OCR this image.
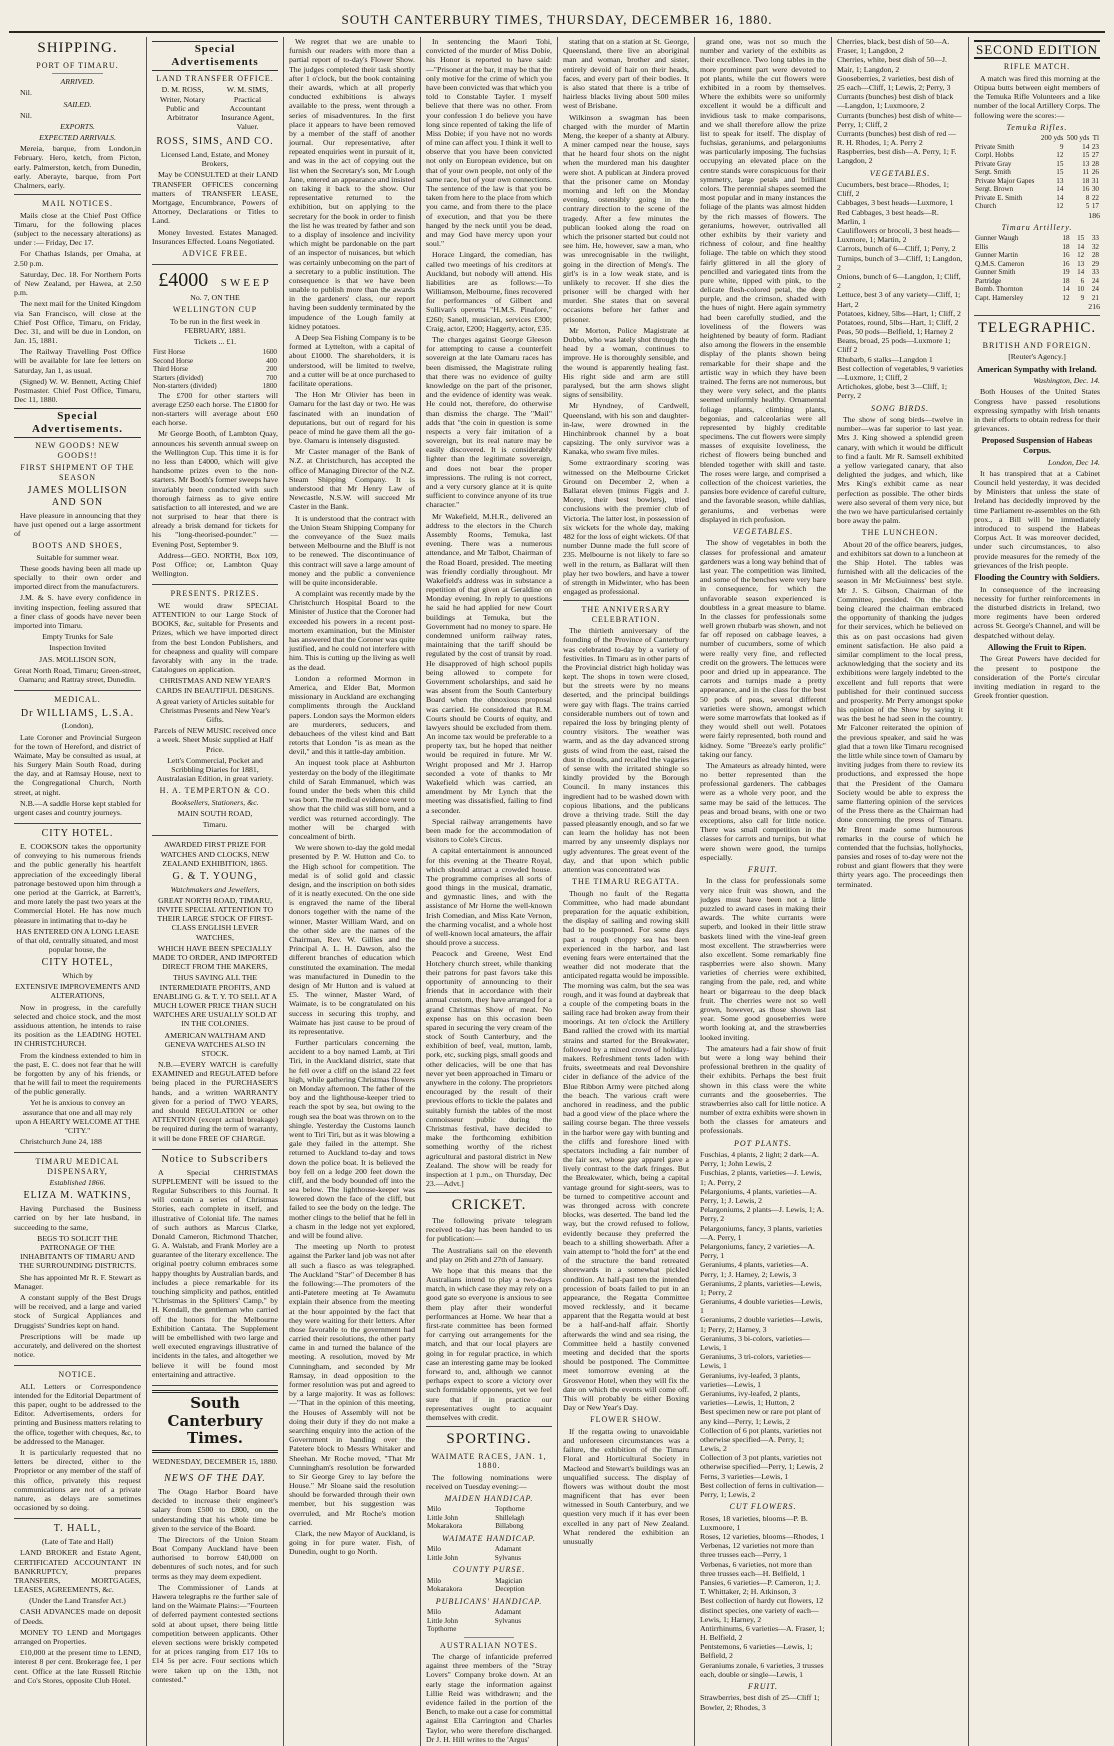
SOUTH CANTERBURY TIMES, THURSDAY, DECEMBER 16, 1880.
SHIPPING.
PORT OF TIMARU.

ARRIVED.

Nil.

SAILED.

Nil.

EXPORTS.

EXPECTED ARRIVALS.

Mereia, barque, from London,in February. Hero, ketch, from Picton, early. Palmerston, ketch, from Dunedin, early. Aberayte, barque, from Port Chalmers, early.

MAIL NOTICES.

Mails close at the Chief Post Office Timaru, for the following places (subject to the necessary alterations) as under :— Friday, Dec 17.

For Chathas Islands, per Omaha, at 2.50 p.m.

Saturday, Dec. 18. For Northern Ports of New Zealand, per Hawea, at 2.50 p.m.

The next mail for the United Kingdom via San Francisco, will close at the Chief Post Office, Timaru, on Friday, Dec. 31, and will be due in London, on Jan. 15, 1881.

The Railway Travelling Post Office will be available for late fee letters on Saturday, Jan 1, as usual.

(Signed) W. W. Bennett, Acting Chief Postmaster. Chief Post Office, Timaru, Dec 11, 1880.

Special Advertisements.
NEW GOODS! NEW GOODS!!
FIRST SHIPMENT OF THE SEASON
JAMES MOLLISON AND SON

Have pleasure in announcing that they have just opened out a large assortment of

BOOTS AND SHOES,

Suitable for summer wear.

These goods having been all made up specially to their own order and imported direct from the manufacturers.

J.M. & S. have every confidence in inviting inspection, feeling assured that a finer class of goods have never been imported into Timaru.

Empty Trunks for Sale

Inspection Invited

JAS. MOLLISON SON,

Great North Road, Timaru; Green-street, Oamaru; and Rattray street, Dunedin.

MEDICAL.
Dr WILLIAMS, L.S.A.

(London),

Late Coroner and Provincial Surgeon for the town of Hereford, and district of Waimate, May be consulted as usual, at his Surgery Main South Road, during the day, and at Ramsay House, next to the Congregational Church, North street, at night.

N.B.—A saddle Horse kept stabled for urgent cases and country journeys.

CITY HOTEL.

E. COOKSON takes the opportunity of conveying to his numerous friends and the public generally his heartfelt appreciation of the exceedingly liberal patronage bestowed upon him through a one period at the Garrick, at Barrett's, and more lately the past two years at the Commercial Hotel. He has now much pleasure in intimating that to-day he

HAS ENTERED ON A LONG LEASE of that old, centrally situated, and most popular house, the

CITY HOTEL,

Which by

EXTENSIVE IMPROVEMENTS AND ALTERATIONS,

Now in progress, in the carefully selected and choice stock, and the most assiduous attention, he intends to raise its position as the LEADING HOTEL IN CHRISTCHURCH.

From the kindness extended to him in the past, E. C. does not fear that he will be forgotten by any of his friends, or that he will fail to meet the requirements of the public generally.

Yet he is anxious to convey an assurance that one and all may rely upon A HEARTY WELCOME AT THE "CITY."

Christchurch June 24, 188

TIMARU MEDICAL DISPENSARY,

Established 1866.

ELIZA M. WATKINS,

Having Purchased the Business carried on by her late husband, in succeeding to the same,

BEGS TO SOLICIT THE PATRONAGE OF THE INHABITANTS OF TIMARU AND THE SURROUNDING DISTRICTS.

She has appointed Mr R. F. Stewart as Manager.

A constant supply of the Best Drugs will be received, and a large and varied stock of Surgical Appliances and Druggists' Sundries kept on hand.

Prescriptions will be made up accurately, and delivered on the shortest notice.

NOTICE.

ALL Letters or Correspondence intended for the Editorial Department of this paper, ought to be addressed to the Editor. Advertisements, orders for printing and Business matters relating to the office, together with cheques, &c, to be addressed to the Manager.

It is particularly requested that no letters be directed, either to the Proprietor or any member of the staff of this office, privately this request communications are not of a private nature, as delays are sometimes occasioned by so doing.

T. HALL,

(Late of Tate and Hall)

LAND BROKER and Estate Agent, CERTIFICATED ACCOUNTANT IN BANKRUPTCY, prepares TRANSFERS, MORTGAGES, LEASES, AGREEMENTS, &c.

(Under the Land Transfer Act.)

CASH ADVANCES made on deposit of Deeds.

MONEY TO LEND and Mortgages arranged on Properties.

£10,000 at the present time to LEND, interest 8 per cent. Brokerage fee, 1 per cent. Office at the late Russell Ritchie and Co's Stores, opposite Club Hotel.

Special Advertisements
LAND TRANSFER OFFICE.

D. M. ROSS, Writer, Notary Public and Arbitrator

W. M. SIMS, Practical Accountant Insurance Agent, Valuer.

ROSS, SIMS, AND CO.

Licensed Land, Estate, and Money Brokers,

May be CONSULTED at their LAND TRANSFER OFFICES concerning matters of TRANSFER LEASE, Mortgage, Encumbrance, Powers of Attorney, Declarations or Titles to Land.

Money Invested. Estates Managed. Insurances Effected. Loans Negotiated.

ADVICE FREE.
£4000 SWEEP

No. 7, ON THE

WELLINGTON CUP

To be run in the first week in FEBRUARY, 1881.

Tickets ... £1.

First Horse	1600
Second Horse	400
Third Horse	200
Starters (divided)	700
Non-starters (divided)	1800

The £700 for other starters will average £250 each horse. The £1800 for non-starters will average about £60 each horse.

Mr George Booth, of Lambton Quay, announces his seventh annual sweep on the Wellington Cup. This time it is for no less than £4000, which will give handsome prizes even to the non-starters. Mr Booth's former sweeps have invariably been conducted with such thorough fairness as to give entire satisfaction to all interested, and we are not surprised to hear that there is already a brisk demand for tickets for his "long-theorised-pounder." — Evening Post, September 9.

Address—GEO. NORTH, Box 109, Post Office; or, Lambton Quay Wellington.

PRESENTS. PRIZES.

WE would draw SPECIAL ATTENTION to our Large Stock of BOOKS, &c, suitable for Presents and Prizes, which we have imported direct from the best London Publishers, and for cheapness and quality will compare favorably with any in the trade. Catalogues on application.

CHRISTMAS AND NEW YEAR'S CARDS IN BEAUTIFUL DESIGNS.

A great variety of Articles suitable for Christmas Presents and New Year's Gifts.

Parcels of NEW MUSIC received once a week. Sheet Music supplied at Half Price.

Lett's Commercial, Pocket and Scribbling Diaries for 1881, Australasian Edition, in great variety.

H. A. TEMPERTON & CO.

Booksellers, Stationers, &c.

MAIN SOUTH ROAD,

Timaru.

AWARDED FIRST PRIZE FOR WATCHES AND CLOCKS, NEW ZEALAND EXHIBITION, 1865.

G. & T. YOUNG,

Watchmakers and Jewellers,

GREAT NORTH ROAD, TIMARU, INVITE SPECIAL ATTENTION TO THEIR LARGE STOCK OF FIRST-CLASS ENGLISH LEVER WATCHES,

WHICH HAVE BEEN SPECIALLY MADE TO ORDER, AND IMPORTED DIRECT FROM THE MAKERS,

THUS SAVING ALL THE INTERMEDIATE PROFITS, AND ENABLING G. & T. Y. TO SELL AT A MUCH LOWER PRICE THAN SUCH WATCHES ARE USUALLY SOLD AT IN THE COLONIES.

AMERICAN WALTHAM AND GENEVA WATCHES ALSO IN STOCK.

N.B.—EVERY WATCH is carefully EXAMINED and REGULATED before being placed in the PURCHASER'S hands, and a written WARRANTY given for a period of TWO YEARS, and should REGULATION or other ATTENTION (except actual breakage) be required during the term of warranty, it will be done FREE OF CHARGE.

Notice to Subscribers

A Special CHRISTMAS SUPPLEMENT will be issued to the Regular Subscribers to this Journal. It will contain a series of Christmas Stories, each complete in itself, and illustrative of Colonial life. The names of such authors as Marcus Clarke, Donald Cameron, Richmond Thatcher, G. A. Walstab, and Frank Morley are a guarantee of the literary excellence. The original poetry column embraces some happy thoughts by Australian bards, and includes a piece remarkable for its touching simplicity and pathos, entitled "Christmas in the Splitters' Camp," by H. Kendall, the gentleman who carried off the honors for the Melbourne Exhibition Cantata. The Supplement will be embellished with two large and well executed engravings illustrative of incidents in the tales, and altogether we believe it will be found most entertaining and attractive.

South Canterbury Times.

WEDNESDAY, DECEMBER 15, 1880.

NEWS OF THE DAY.

The Otago Harbor Board have decided to increase their engineer's salary from £500 to £800, on the understanding that his whole time be given to the service of the Board.

The Directors of the Union Steam Boat Company Auckland have been authorised to borrow £40,000 on debentures of such notes, and for such terms as they may deem expedient.

The Commissioner of Lands at Hawera telegraphs re the further sale of land on the Waimate Plains:—"Fourteen of deferred payment contested sections sold at about upset, there being little competition between applicants. Other eleven sections were briskly competed for at prices ranging from £17 10s to £14 5s per acre. Four sections which were taken up on the 13th, not contested."

We regret that we are unable to furnish our readers with more than a partial report of to-day's Flower Show. The judges completed their task shortly after 1 o'clock, but the book containing their awards, which at all properly conducted exhibitions is always available to the press, went through a series of misadventures. In the first place it appears to have been removed by a member of the staff of another journal. Our representative, after repeated enquiries went in pursuit of it, and was in the act of copying out the list when the Secretary's son, Mr Lough Jane, entered an appearance and insisted on taking it back to the show. Our representative returned to the exhibition, but on applying to the secretary for the book in order to finish the list he was treated by father and son to a display of insolence and incivility which might be pardonable on the part of an inspector of nuisances, but which was certainly unbecoming on the part of a secretary to a public institution. The consequence is that we have been unable to publish more than the awards in the gardeners' class, our report having been suddenly terminated by the impudence of the Lough family at kidney potatoes.

A Deep Sea Fishing Company is to be formed at Lyttelton, with a capital of about £1000. The shareholders, it is understood, will be limited to twelve, and a cutter will be at once purchased to facilitate operations.

The Hon Mr Olivier has been in Oamaru for the last day or two. He was fascinated with an inundation of deputations, but out of regard for his peace of mind he gave them all the go-bye. Oamaru is intensely disgusted.

Mr Caster manager of the Bank of N.Z. at Christchurch, has accepted the office of Managing Director of the N.Z. Steam Shipping Company. It is understood that Mr Henry Law of Newcastle, N.S.W. will succeed Mr Caster in the Bank.

It is understood that the contract with the Union Steam Shipping Company for the conveyance of the Suez mails between Melbourne and the Bluff is not to be renewed. The discontinuance of this contract will save a large amount of money and the public a convenience will be quite inconsiderable.

A complaint was recently made by the Christchurch Hospital Board to the Minister of Justice that the Coroner had exceeded his powers in a recent post-mortem examination, but the Minister has answered that the Coroner was quite justified, and he could not interfere with him. This is cutting up the living as well as the dead.

London a reformed Mormon in America, and Elder Bat, Mormon missionary in Auckland are exchanging compliments through the Auckland papers. London says the Mormon elders are murderers, seducers, and debauchees of the vilest kind and Batt retorts that London "is as mean as the devil," and this it tattle-day ambition.

An inquest took place at Ashburton yesterday on the body of the illegitimate child of Sarah Emmanuel, which was found under the beds when this child was born. The medical evidence went to show that the child was still born, and a verdict was returned accordingly. The mother will be charged with concealment of birth.

We were shown to-day the gold medal presented by P. W. Hutton and Co. to the High school for competition. The medal is of solid gold and classic design, and the inscription on both sides of it is neatly executed. On the one side is engraved the name of the liberal donors together with the name of the winner, Master William Ward, and on the other side are the names of the Chairman, Rev. W. Gillies and the Principal A. L. H. Dawson, also the different branches of education which constituted the examination. The medal was manufactured in Dunedin to the design of Mr Hutton and is valued at £5. The winner, Master Ward, of Waimate, is to be congratulated on his success in securing this trophy, and Waimate has just cause to be proud of its representative.

Further particulars concerning the accident to a boy named Lamb, at Tiri Tiri, in the Auckland district, state that he fell over a cliff on the island 22 feet high, while gathering Christmas flowers on Monday afternoon. The father of the boy and the lighthouse-keeper tried to reach the spot by sea, but owing to the rough sea the boat was thrown on to the shingle. Yesterday the Customs launch went to Tiri Tiri, but as it was blowing a gale they failed in the attempt. She returned to Auckland to-day and tows down the police boat. It is believed the boy fell on a ledge 200 feet down the cliff, and the body bounded off into the sea below. The lighthouse-keeper was lowered down the face of the cliff, but failed to see the body on the ledge. The mother clings to the belief that he fell in a chasm in the ledge not yet explored, and will be found alive.

The meeting up North to protest against the Parker land job was not after all such a fiasco as was telegraphed. The Auckland "Star" of December 8 has the following:—The promoters of the anti-Patetere meeting at Te Awamutu explain their absence from the meeting at the hour appointed by the fact that they were waiting for their letters. After those favorable to the government had carried their resolutions, the other party came in and turned the balance of the meeting. A resolution, moved by Mr Cunningham, and seconded by Mr Ramsay, in dead opposition to the former resolution was put and agreed to by a large majority. It was as follows:—"That in the opinion of this meeting, the Houses of Assembly will not be doing their duty if they do not make a searching enquiry into the action of the Government in handing over the Patetere block to Messrs Whitaker and Sheehan. Mr Roche moved, "That Mr Cunningham's resolution be forwarded to Sir George Grey to lay before the House." Mr Sloane said the resolution should be forwarded through their own member, but his suggestion was overruled, and Mr Roche's motion carried.

Clark, the new Mayor of Auckland, is going in for pure water. Fish, of Dunedin, ought to go North.

In sentencing the Maori Tohi, convicted of the murder of Miss Dobie, his Honor is reported to have said:—"Prisoner at the bar, it may be that the only motive for the crime of which you have been convicted was that which you told to Constable Tayler. I myself believe that there was no other. From your confession I do believe you have long since repented of taking the life of Miss Dobie; if you have not no words of mine can affect you. I think it well to observe that you have been convicted not only on European evidence, but on that of your own people, not only of the same race, but of your own connections. The sentence of the law is that you be taken from here to the place from which you came, and from there to the place of execution, and that you be there hanged by the neck until you be dead, and may God have mercy upon your soul."

Horace Lingard, the comedian, has called two meetings of his creditors at Auckland, but nobody will attend. His liabilities are as follows:—To Williamson, Melbourne, fines recovered for performances of Gilbert and Sullivan's operetta "H.M.S. Pinafore," £260; Sanell, musician, services £300; Craig, actor, £200; Haggerty, actor, £35.

The charges against George Gleeson for attempting to cause a counterfeit sovereign at the late Oamaru races has been dismissed, the Magistrate ruling that there was no evidence of guilty knowledge on the part of the prisoner, and the evidence of identity was weak. He could not, therefore, do otherwise than dismiss the charge. The "Mail" adds that "the coin in question is some respects a very fair imitation of a sovereign, but its real nature may be easily discovered. It is considerably lighter than the legitimate sovereign, and does not bear the proper impressions. The ruling is not correct, and a very cursory glance at it is quite sufficient to convince anyone of its true character."

Mr Wakefield, M.H.R., delivered an address to the electors in the Church Assembly Rooms, Temuka, last evening. There was a numerous attendance, and Mr Talbot, Chairman of the Road Board, presided. The meeting was friendly cordially throughout. Mr Wakefield's address was in substance a repetition of that given at Geraldine on Monday evening. In reply to questions he said he had applied for new Court buildings at Temuka, but the Government had no money to spare. He condemned uniform railway rates, maintaining that the tariff should be regulated by the cost of transit by road. He disapproved of high school pupils being allowed to compete for Government scholarships, and said he was absent from the South Canterbury Board when the obnoxious proposal was carried. He considered that R.M. Courts should be Courts of equity, and lawyers should be excluded from them. An income tax would be preferable to a property tax, but he hoped that neither would be required in future. Mr W. Wright proposed and Mr J. Harrop seconded a vote of thanks to Mr Wakefield which was carried, an amendment by Mr Lynch that the meeting was dissatisfied, failing to find a seconder.

Special railway arrangements have been made for the accommodation of visitors to Cole's Circus.

A capital entertainment is announced for this evening at the Theatre Royal, which should attract a crowded house. The programme comprises all sorts of good things in the musical, dramatic, and gymnastic lines, and with the assistance of Mr Horne the well-known Irish Comedian, and Miss Kate Vernon, the charming vocalist, and a whole host of well-known local amateurs, the affair should prove a success.

Peacock and Greene, West End Hotchery church street, while thanking their patrons for past favors take this opportunity of announcing to their friends that in accordance with their annual custom, they have arranged for a grand Christmas Show of meat. No expense has on this occasion been spared in securing the very cream of the stock of South Canterbury, and the exhibition of beef, veal, mutton, lamb, pork, etc, sucking pigs, small goods and other delicacies, will be one that has never yet been approached in Timaru or anywhere in the colony. The proprietors encouraged by the result of their previous efforts to tickle the palates and suitably furnish the tables of the most connoisseur public during the Christmas festival, have decided to make the forthcoming exhibition something worthy of the richest agricultural and pastoral district in New Zealand. The show will be ready for inspection at 1 p.m., on Thursday, Dec 23.—Advt.]

CRICKET.

The following private telegram received to-day has been handed to us for publication:—

The Australians sail on the eleventh and play on 26th and 27th of January.

We hope that this means that the Australians intend to play a two-days match, in which case they may rely on a good gate so everyone is anxious to see them play after their wonderful performances at Home. We hear that a first-rate committee has been formed for carrying out arrangements for the match, and that our local players are going in for regular practice, in which case an interesting game may be looked forward to, and, although we cannot perhaps expect to score a victory over such formidable opponents, yet we feel sure that if in practice our representatives ought to acquaint themselves with credit.

SPORTING.
WAIMATE RACES, JAN. 1, 1880.

The following nominations were received on Tuesday evening:—

MAIDEN HANDICAP.
Milo	Topthorne
Little John	Shillelagh
Mokarakora	Billabong
WAIMATE HANDICAP.
Milo	Adamant
Little John	Sylvanus
COUNTY PURSE.
Milo	Magician
Mokarakora	Deception
PUBLICANS' HANDICAP.
Milo	Adamant
Little John	Sylvanus
Topthorne	
AUSTRALIAN NOTES.

The charge of infanticide preferred against three members of the "Stray Lovers" Company broke down. At an early stage the information against Lillie Reid was withdrawn; and the evidence failed in the portion of the Bench, to make out a case for committal against Ella Carrington and Charles Taylor, who were therefore discharged. Dr J. H. Hill writes to the 'Argus'

stating that on a station at St. George, Queensland, there live an aboriginal man and woman, brother and sister, entirely devoid of hair on their heads, faces, and every part of their bodies. It is also stated that there is a tribe of hairless blacks living about 500 miles west of Brisbane.

Wilkinson a swagman has been charged with the murder of Martin Meng, the keeper of a shanty at Albury. A miner camped near the house, says that he heard four shots on the night when the murdered man his daughter were shot. A publican at Jindera proved that the prisoner came on Monday morning and left on the Monday evening, ostensibly going in the contrary direction to the scene of the tragedy. After a few minutes the publican looked along the road on which the prisoner started but could not see him. He, however, saw a man, who was unrecognisable in the twilight, going in the direction of Meng's. The girl's is in a low weak state, and is unlikely to recover. If she dies the prisoner will be charged with her murder. She states that on several occasions before her father and prisoner.

Mr Morton, Police Magistrate at Dubbo, who was lately shot through the head by a woman, continues to improve. He is thoroughly sensible, and the wound is apparently healing fast. His right side and arm are still paralysed, but the arm shows slight signs of sensibility.

Mr Hyndney, of Cardwell, Queensland, with his son and daughter-in-law, were drowned in the Hinchinbrook channel by a boat capsizing. The only survivor was a Kanaka, who swam five miles.

Some extraordinary scoring was witnessed on the Melbourne Cricket Ground on December 2, when a Ballarat eleven (minus Figgis and J. Morey, their best bowlers), tried conclusions with the premier club of Victoria. The latter lost, in possession of six wickets for the whole day, making 482 for the loss of eight wickets. Of that number Dunne made the full score of 235. Melbourne is not likely to fare so well in the return, as Ballarat will then play her two bowlers, and have a tower of strength in Midwinter, who has been engaged as professional.

THE ANNIVERSARY CELEBRATION.

The thirtieth anniversary of the founding of the Province of Canterbury was celebrated to-day by a variety of festivities. In Timaru as in other parts of the Provincial district high holiday was kept. The shops in town were closed, but the streets were by no means deserted, and the principal buildings were gay with flags. The trains carried considerable numbers out of town and repaired the loss by bringing plenty of country visitors. The weather was warm, and as the day advanced strong gusts of wind from the east, raised the dust in clouds, and recalled the vagaries of sense with the irritated shingle so kindly provided by the Borough Council. In many instances this ingredient had to be washed down with copious libations, and the publicans drove a thriving trade. Still the day passed pleasantly enough, and so far we can learn the holiday has not been marred by any unseemly displays nor ugly adventures. The great event of the day, and that upon which public attention was concentrated was

THE TIMARU REGATTA.

Though no fault of the Regatta Committee, who had made abundant preparation for the aquatic exhibition, the display of sailing and rowing skill had to be postponed. For some days past a rough choppy sea has been experienced in the harbor, and last evening fears were entertained that the weather did not moderate that the anticipated regatta would be impossible. The morning was calm, but the sea was rough, and it was found at daybreak that a couple of the competing boats in the sailing race had broken away from their moorings. At ten o'clock the Artillery Band rallied the crowd with its martial strains and started for the Breakwater, followed by a mixed crowd of holiday-makers. Refreshment tents laden with fruits, sweetmeats and real Devonshire cider in defiance of the advice of the Blue Ribbon Army were pitched along the beach. The various craft were anchored in readiness, and the public had a good view of the place where the sailing course began. The three vessels in the harbor were gay with bunting and the cliffs and foreshore lined with spectators including a fair number of the fair sex, whose gay apparel gave a lively contrast to the dark fringes. But the Breakwater, which, being a capital vantage ground for sight-seers, was to be turned to competitive account and was thronged across with concrete blocks, was deserted. The band led the way, but the crowd refused to follow, evidently because they preferred the beach to a shilling showerbath. After a vain attempt to "hold the fort" at the end of the structure the band retreated shorewards in a somewhat pickled condition. At half-past ten the intended procession of boats failed to put in an appearance, the Regatta Committee moved recklessly, and it became apparent that the Regatta would at best be a half-and-half affair. Shortly afterwards the wind and sea rising, the Committee held a hastily convened meeting and decided that the sports should be postponed. The Committee meet tomorrow evening at the Grosvenor Hotel, when they will fix the date on which the events will come off. This will probably be either Boxing Day or New Year's Day.

FLOWER SHOW.

If the regatta owing to unavoidable and unforeseen circumstances was a failure, the exhibition of the Timaru Floral and Horticultural Society in Macleod and Stewart's buildings was an unqualified success. The display of flowers was without doubt the most magnificent that has ever been witnessed in South Canterbury, and we question very much if it has ever been excelled in any part of New Zealand. What rendered the exhibition an unusually

grand one, was not so much the number and variety of the exhibits as their excellence. Two long tables in the more prominent part were devoted to pot plants, while the cut flowers were exhibited in a room by themselves. Where the exhibits were so uniformly excellent it would be a difficult and invidious task to make comparisons, and we shall therefore allow the prize list to speak for itself. The display of fuchsias, geraniums, and pelargoniums was particularly imposing. The fuchsias occupying an elevated place on the centre stands were conspicuous for their symmetry, large petals and brilliant colors. The perennial shapes seemed the most popular and in many instances the foliage of the plants was almost hidden by the rich masses of flowers. The geraniums, however, outrivalled all other exhibits by their variety and richness of colour, and fine healthy foliage. The table on which they stood fairly glittered in all the glory of pencilled and variegated tints from the pure white, tipped with pink, to the delicate flesh-colored petal, the deep purple, and the crimson, shaded with the hues of night. Here again symmetry had been carefully studied, and the loveliness of the flowers was heightened by beauty of form. Radiant also among the flowers in the ensemble display of the plants shown being remarkable for their shape and the artistic way in which they have been trained. The ferns are not numerous, but they were very select, and the plants seemed uniformly healthy. Ornamental foliage plants, climbing plants, begonias, and calceolarias were all represented by highly creditable specimens. The cut flowers were simply masses of exquisite loveliness, the richest of flowers being bunched and blended together with skill and taste. The roses were large, and comprised a collection of the choicest varieties, the pansies bore evidence of careful culture, and the favorable season, while dahlias, geraniums, and verbenas were displayed in rich profusion.

VEGETABLES.

The show of vegetables in both the classes for professional and amateur gardeners was a long way behind that of last year. The competition was limited, and some of the benches were very bare in consequence, for which the unfavorable season experienced is doubtless in a great measure to blame. In the classes for professionals some well grown rhubarb was shown, and not far off reposed on cabbage leaves, a number of cucumbers, some of which were really very fine, and reflected credit on the growers. The lettuces were poor and dried up in appearance. The carrots and turnips made a pretty appearance, and in the class for the best 50 pods of peas, several different varieties were shown, amongst which were some marrowfats that looked as if they would shell out well. Potatoes were fairly represented, both round and kidney. Some "Breeze's early prolific" taking our fancy.

The Amateurs as already hinted, were no better represented than the professional gardeners. The cabbages were as a whole very poor, and the same may be said of the lettuces. The peas and broad beans, with one or two exceptions, also call for little notice. There was small competition in the classes for carrots and turnips, but what were shown were good, the turnips especially.

FRUIT.

In the class for professionals some very nice fruit was shown, and the judges must have been not a little puzzled to award cases in making their awards. The white currants were superb, and looked in their little straw baskets lined with the vine-leaf green most excellent. The strawberries were also excellent. Some remarkably fine raspberries were also shown. Many varieties of cherries were exhibited, ranging from the pale, red, and white heart or bigarreau to the deep black fruit. The cherries were not so well grown, however, as those shown last year. Some good gooseberries were worth looking at, and the strawberries looked inviting.

The amateurs had a fair show of fruit but were a long way behind their professional brethren in the quality of their exhibits. Perhaps the best fruit shown in this class were the white currants and the gooseberries. The strawberries also call for little notice. A number of extra exhibits were shown in both the classes for amateurs and professionals.

POT PLANTS.
Fuschias, 4 plants, 2 light; 2 dark—A. Perry, 1; John Lewis, 2
Fuschias, 2 plants, varieties—J. Lewis, 1; A. Perry, 2
Pelargoniums, 4 plants, varieties—A. Perry, 1; J. Lewis, 2
Pelargoniums, 2 plants—J. Lewis, 1; A. Perry, 2
Pelargoniums, fancy, 3 plants, varieties—A. Perry, 1
Pelargoniums, fancy, 2 varieties—A. Perry, 1
Geraniums, 4 plants, varieties—A. Perry, 1; J. Harney, 2; Lewis, 3
Geraniums, 2 plants, varieties—Lewis, 1; Perry, 2
Geraniums, 4 double varieties—Lewis, 1
Geraniums, 2 double varieties—Lewis, 1; Perry, 2; Harney, 3
Geraniums, 3 bi-colors, varieties—Lewis, 1
Geraniums, 3 tri-colors, varieties—Lewis, 1
Geraniums, ivy-leafed, 3 plants, varieties—Lewis, 1
Geraniums, ivy-leafed, 2 plants, varieties—Lewis, 1; Hutton, 2
Best specimen new or rare pot plant of any kind—Perry, 1; Lewis, 2
Collection of 6 pot plants, varieties not otherwise specified—A. Perry, 1; Lewis, 2
Collection of 3 pot plants, varieties not otherwise specified—Perry, 1; Lewis, 2
Ferns, 3 varieties—Lewis, 1
Best collection of ferns in cultivation—Perry, 1; Lewis, 2
CUT FLOWERS.
Roses, 18 varieties, blooms—P. B. Luxmoore, 1
Roses, 12 varieties, blooms—Rhodes, 1
Verbenas, 12 varieties not more than three trusses each—Perry, 1
Verbenas, 6 varieties, not more than three trusses each—H. Belfield, 1
Pansies, 6 varieties—P. Cameron, 1; J. T. Whittaker, 2; H. Atkinson, 3
Best collection of hardy cut flowers, 12 distinct species, one variety of each—Lewis, 1; Harney, 2
Antirrhinums, 6 varieties—A. Fraser, 1; H. Belfield, 2
Pentstemons, 6 varieties—Lewis, 1; Belfield, 2
Geraniums zonale, 6 varieties, 3 trusses each, double or single—Lewis, 1
FRUIT.
Strawberries, best dish of 25—Cliff 1; Bowler, 2; Rhodes, 3
Cherries, black, best dish of 50—A. Fraser, 1; Langdon, 2
Cherries, white, best dish of 50—J. Mair, 1; Langdon, 2
Gooseberries, 2 varieties, best dish of 25 each—Cliff, 1; Lewis, 2; Perry, 3
Currants (bunches) best dish of black —Langdon, 1; Luxmoore, 2
Currants (bunches) best dish of white—Perry, 1; Cliff, 2
Currants (bunches) best dish of red —R. H. Rhodes, 1; A. Perry 2
Raspberries, best dish—A. Perry, 1; F. Langdon, 2
VEGETABLES.
Cucumbers, best brace—Rhodes, 1; Cliff, 2
Cabbages, 3 best heads—Luxmore, 1
Red Cabbages, 3 best heads—R. Marlin, 1
Cauliflowers or brocoli, 3 best heads—Luxmore, 1; Martin, 2
Carrots, bunch of 6—Cliff, 1; Perry, 2
Turnips, bunch of 3—Cliff, 1; Langdon, 2
Onions, bunch of 6—Langdon, 1; Cliff, 2
Lettuce, best 3 of any variety—Cliff, 1; Hart, 2
Potatoes, kidney, 5lbs—Hart, 1; Cliff, 2
Potatoes, round, 5lbs—Hart, 1; Cliff, 2
Peas, 50 pods—Belfield, 1; Harney 2
Beans, broad, 25 pods—Luxmore 1; Cliff 2
Rhubarb, 6 stalks—Langdon 1
Best collection of vegetables, 9 varieties—Luxmore, 1; Cliff, 2
Artichokes, globe, best 3—Cliff, 1; Perry, 2
SONG BIRDS.

The show of song birds—twelve in number—was far superior to last year. Mrs J. King showed a splendid green canary, with which it would be difficult to find a fault. Mr R. Samsell exhibited a yellow variegated canary, that also delighted the judges, and which, like Mrs King's exhibit came as near perfection as possible. The other birds were also several of them very nice, but the two we have particularised certainly bore away the palm.

THE LUNCHEON.

About 20 of the office bearers, judges, and exhibitors sat down to a luncheon at the Ship Hotel. The tables was furnished with all the delicacies of the season in Mr McGuinness' best style. Mr J. S. Gibson, Chairman of the Committee, presided. On the cloth being cleared the chairman embraced the opportunity of thanking the judges for their services, which he believed on this as on past occasions had given eminent satisfaction. He also paid a similar compliment to the local press, acknowledging that the society and its exhibitions were largely indebted to the excellent and full reports that were published for their continued success and prosperity. Mr Perry amongst spoke his opinion of the Show by saying it was the best he had seen in the country. Mr Falconer reiterated the opinion of the previous speaker, and said he was glad that a town like Timaru recognised the little while since town of Oamaru by inviting judges from there to review its productions, and expressed the hope that the President of the Oamaru Society would be able to express the same flattering opinion of the services of the Press there as the Chairman had done concerning the press of Timaru. Mr Brent made some humourous remarks in the course of which he contended that the fuchsias, hollyhocks, pansies and roses of to-day were not the robust and giant flowers that they were thirty years ago. The proceedings then terminated.

SECOND EDITION
RIFLE MATCH.

A match was fired this morning at the Otipua butts between eight members of the Temuka Rifle Volunteers and a like number of the local Artillery Corps. The following were the scores:—

Temuka Rifles.
	200 yds	500 yds	Tl
Private Smith	9	14	23
Corpl. Hobbs	12	15	27
Private Gray	15	13	28
Sergt. Smith	15	11	26
Private Major Gapes	13	18	31
Sergt. Brown	14	16	30
Private E. Smith	14	8	22
Church	12	5	17
186
Timaru Artillery.
Gunner Waugh	18	15	33
Ellis	18	14	32
Gunner Martin	16	12	28
Q.M.S. Cameron	16	13	29
Gunner Smith	19	14	33
Partridge	18	6	24
Bomb. Thornton	14	10	24
Capt. Hamersley	12	9	21
216
TELEGRAPHIC.
BRITISH AND FOREIGN.

[Reuter's Agency.]

American Sympathy with Ireland.

Washington, Dec. 14.

Both Houses of the United States Congress have passed resolutions expressing sympathy with Irish tenants in their efforts to obtain redress for their grievances.

Proposed Suspension of Habeas Corpus.

London, Dec 14.

It has transpired that at a Cabinet Council held yesterday, it was decided by Ministers that unless the state of Ireland has decidedly improved by the time Parliament re-assembles on the 6th prox., a Bill will be immediately introduced to suspend the Habeas Corpus Act. It was moreover decided, under such circumstances, to also provide measures for the remedy of the grievances of the Irish people.

Flooding the Country with Soldiers.

In consequence of the increasing necessity for further reinforcements in the disturbed districts in Ireland, two more regiments have been ordered across St. George's Channel, and will be despatched without delay.

Allowing the Fruit to Ripen.

The Great Powers have decided for the present to postpone the consideration of the Porte's circular inviting mediation in regard to the Greek frontier question.
